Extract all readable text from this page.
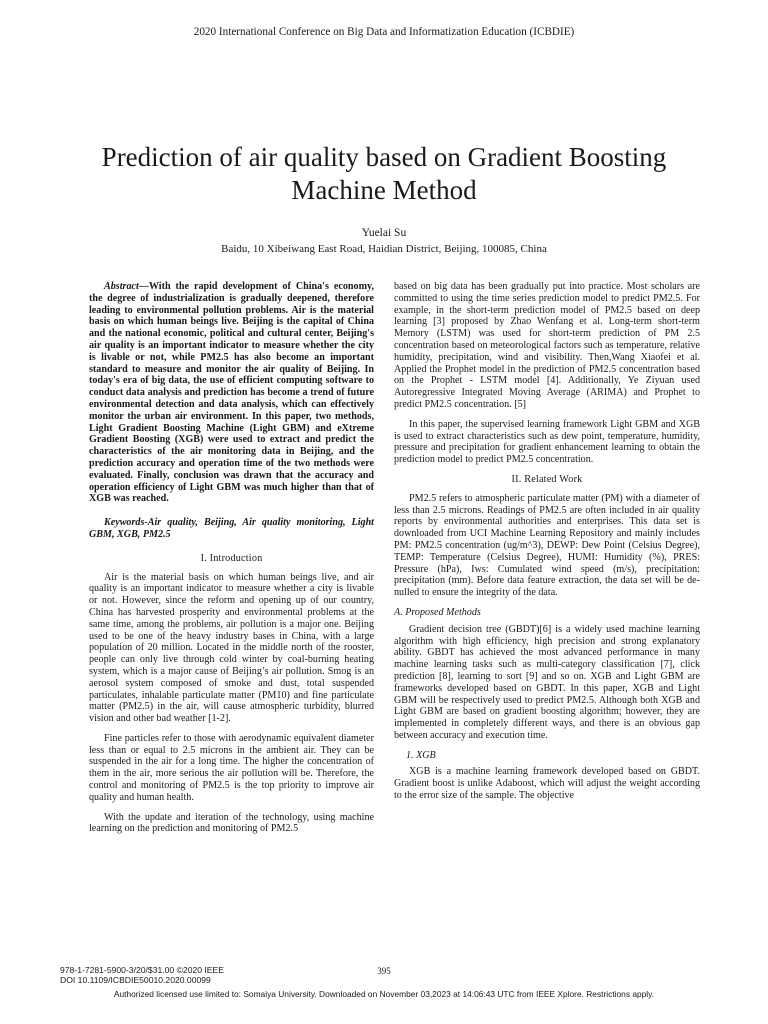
2020 International Conference on Big Data and Informatization Education (ICBDIE)
Prediction of air quality based on Gradient Boosting Machine Method
Yuelai Su
Baidu, 10 Xibeiwang East Road, Haidian District, Beijing, 100085, China
Abstract—With the rapid development of China's economy, the degree of industrialization is gradually deepened, therefore leading to environmental pollution problems. Air is the material basis on which human beings live. Beijing is the capital of China and the national economic, political and cultural center, Beijing's air quality is an important indicator to measure whether the city is livable or not, while PM2.5 has also become an important standard to measure and monitor the air quality of Beijing. In today's era of big data, the use of efficient computing software to conduct data analysis and prediction has become a trend of future environmental detection and data analysis, which can effectively monitor the urban air environment. In this paper, two methods, Light Gradient Boosting Machine (Light GBM) and eXtreme Gradient Boosting (XGB) were used to extract and predict the characteristics of the air monitoring data in Beijing, and the prediction accuracy and operation time of the two methods were evaluated. Finally, conclusion was drawn that the accuracy and operation efficiency of Light GBM was much higher than that of XGB was reached.
Keywords-Air quality, Beijing, Air quality monitoring, Light GBM, XGB, PM2.5
I. Introduction

Air is the material basis on which human beings live, and air quality is an important indicator to measure whether a city is livable or not. However, since the reform and opening up of our country, China has harvested prosperity and environmental problems at the same time, among the problems, air pollution is a major one. Beijing used to be one of the heavy industry bases in China, with a large population of 20 million. Located in the middle north of the rooster, people can only live through cold winter by coal-burning heating system, which is a major cause of Beijing’s air pollution. Smog is an aerosol system composed of smoke and dust, total suspended particulates, inhalable particulate matter (PM10) and fine particulate matter (PM2.5) in the air, will cause atmospheric turbidity, blurred vision and other bad weather [1-2].

Fine particles refer to those with aerodynamic equivalent diameter less than or equal to 2.5 microns in the ambient air. They can be suspended in the air for a long time. The higher the concentration of them in the air, more serious the air pollution will be. Therefore, the control and monitoring of PM2.5 is the top priority to improve air quality and human health.

With the update and iteration of the technology, using machine learning on the prediction and monitoring of PM2.5

based on big data has been gradually put into practice. Most scholars are committed to using the time series prediction model to predict PM2.5. For example, in the short-term prediction model of PM2.5 based on deep learning [3] proposed by Zhao Wenfang et al. Long-term short-term Memory (LSTM) was used for short-term prediction of PM 2.5 concentration based on meteorological factors such as temperature, relative humidity, precipitation, wind and visibility. Then,Wang Xiaofei et al. Applied the Prophet model in the prediction of PM2.5 concentration based on the Prophet - LSTM model [4]. Additionally, Ye Ziyuan used Autoregressive Integrated Moving Average (ARIMA) and Prophet to predict PM2.5 concentration. [5]

In this paper, the supervised learning framework Light GBM and XGB is used to extract characteristics such as dew point, temperature, humidity, pressure and precipitation for gradient enhancement learning to obtain the prediction model to predict PM2.5 concentration.

II. Related Work

PM2.5 refers to atmospheric particulate matter (PM) with a diameter of less than 2.5 microns. Readings of PM2.5 are often included in air quality reports by environmental authorities and enterprises. This data set is downloaded from UCI Machine Learning Repository and mainly includes PM: PM2.5 concentration (ug/m^3), DEWP: Dew Point (Celsius Degree), TEMP: Temperature (Celsius Degree), HUMI: Humidity (%), PRES: Pressure (hPa), Iws: Cumulated wind speed (m/s), precipitation: precipitation (mm). Before data feature extraction, the data set will be de-nulled to ensure the integrity of the data.

A. Proposed Methods

Gradient decision tree (GBDT)[6] is a widely used machine learning algorithm with high efficiency, high precision and strong explanatory ability. GBDT has achieved the most advanced performance in many machine learning tasks such as multi-category classification [7], click prediction [8], learning to sort [9] and so on. XGB and Light GBM are frameworks developed based on GBDT. In this paper, XGB and Light GBM will be respectively used to predict PM2.5. Although both XGB and Light GBM are based on gradient boosting algorithm; however, they are implemented in completely different ways, and there is an obvious gap between accuracy and execution time.

1. XGB

XGB is a machine learning framework developed based on GBDT. Gradient boost is unlike Adaboost, which will adjust the weight according to the error size of the sample. The objective

978-1-7281-5900-3/20/$31.00 ©2020 IEEE
DOI 10.1109/ICBDIE50010.2020.00099
395
Authorized licensed use limited to: Somaiya University. Downloaded on November 03,2023 at 14:06:43 UTC from IEEE Xplore. Restrictions apply.
